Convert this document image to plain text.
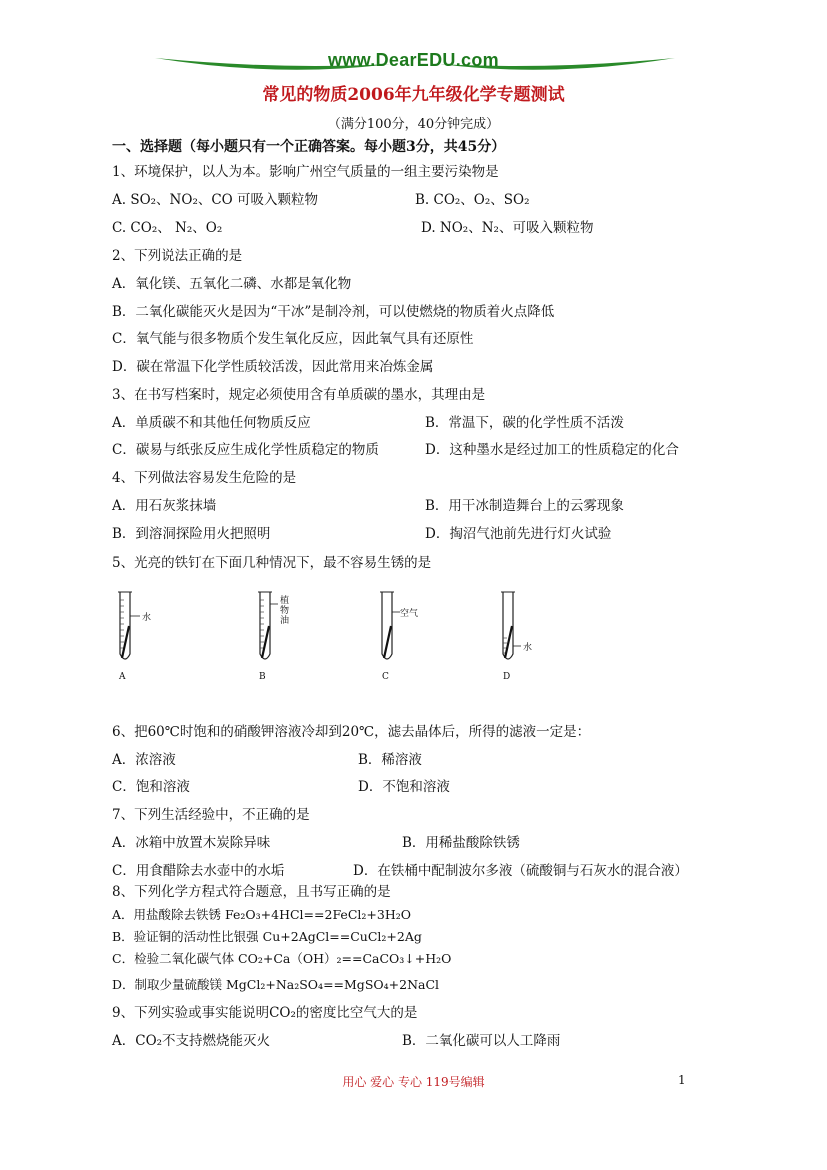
www.DearEDU.com
常见的物质2006年九年级化学专题测试
（满分100分，40分钟完成）
一、选择题（每小题只有一个正确答案。每小题3分，共45分）
1、环境保护，以人为本。影响广州空气质量的一组主要污染物是
A. SO₂、NO₂、CO 可吸入颗粒物	B. CO₂、O₂、SO₂
C. CO₂、 N₂、O₂	D. NO₂、N₂、可吸入颗粒物
2、下列说法正确的是
A．氧化镁、五氧化二磷、水都是氧化物
B．二氧化碳能灭火是因为“干冰”是制冷剂，可以使燃烧的物质着火点降低
C．氧气能与很多物质个发生氧化反应，因此氧气具有还原性
D．碳在常温下化学性质较活泼，因此常用来冶炼金属
3、在书写档案时，规定必须使用含有单质碳的墨水，其理由是
A．单质碳不和其他任何物质反应	B．常温下，碳的化学性质不活泼
C．碳易与纸张反应生成化学性质稳定的物质	D．这种墨水是经过加工的性质稳定的化合
4、下列做法容易发生危险的是
A．用石灰浆抹墙	B．用干冰制造舞台上的云雾现象
B．到溶洞探险用火把照明	D．掏沼气池前先进行灯火试验
5、光亮的铁钉在下面几种情况下，最不容易生锈的是
水
A
植物油
B
空气
C
水
D
6、把60℃时饱和的硝酸钾溶液冷却到20℃，滤去晶体后，所得的滤液一定是：
A．浓溶液	B．稀溶液
C．饱和溶液	D．不饱和溶液
7、下列生活经验中，不正确的是
A．冰箱中放置木炭除异味	B．用稀盐酸除铁锈
C．用食醋除去水壶中的水垢	D．在铁桶中配制波尔多液（硫酸铜与石灰水的混合液）
8、下列化学方程式符合题意，且书写正确的是
A．用盐酸除去铁锈 Fe₂O₃+4HCl==2FeCl₂+3H₂O
B．验证铜的活动性比银强 Cu+2AgCl==CuCl₂+2Ag
C．检验二氧化碳气体 CO₂+Ca（OH）₂==CaCO₃↓+H₂O
D．制取少量硫酸镁 MgCl₂+Na₂SO₄==MgSO₄+2NaCl
9、下列实验或事实能说明CO₂的密度比空气大的是
A．CO₂不支持燃烧能灭火	B．二氧化碳可以人工降雨
用心 爱心 专心 119号编辑	1
